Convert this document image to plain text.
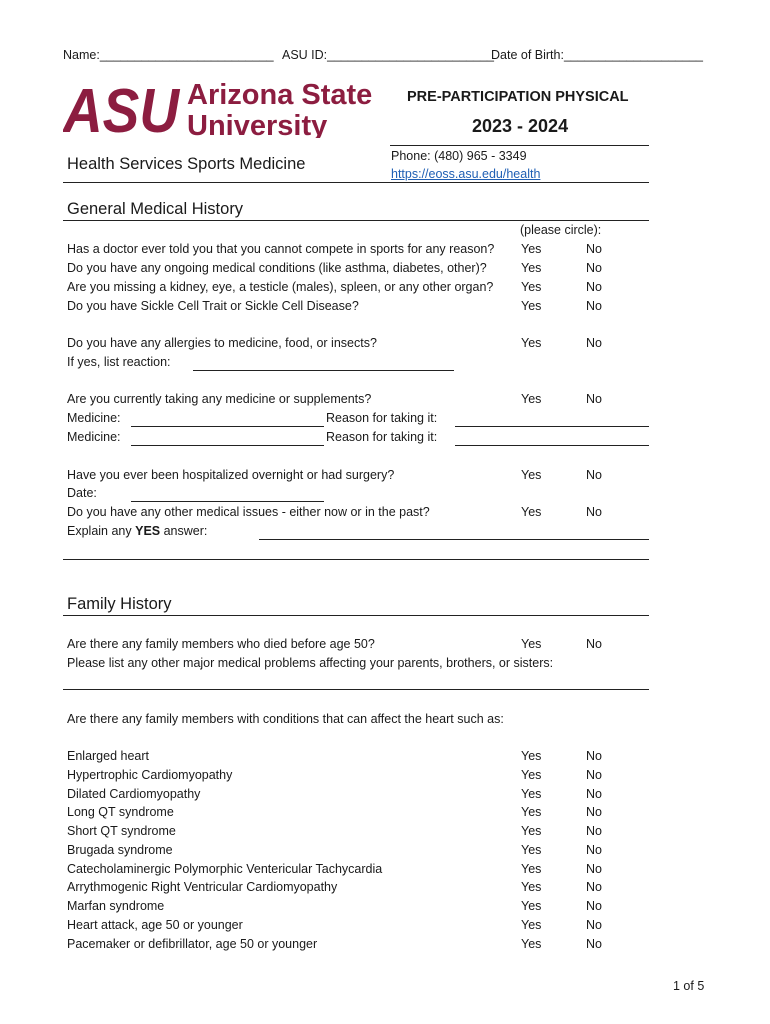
Name:_________________________ ASU ID:________________________
Date of Birth:____________________
ASU Arizona State
University
PRE-PARTICIPATION PHYSICAL
2023 - 2024
Health Services Sports Medicine	Phone: (480) 965 - 3349
https://eoss.asu.edu/health
General Medical History
(please circle):
Has a doctor ever told you that you cannot compete in sports for any reason? Yes	No
Do you have any ongoing medical conditions (like asthma, diabetes, other)?	Yes	No
Are you missing a kidney, eye, a testicle (males), spleen, or any other organ? Yes	No
Do you have Sickle Cell Trait or Sickle Cell Disease?	Yes	No
Do you have any allergies to medicine, food, or insects?	Yes	No
If yes, list reaction:
Are you currently taking any medicine or supplements?	Yes	No
Medicine:	Reason for taking it:
Medicine:	Reason for taking it:
Have you ever been hospitalized overnight or had surgery?	Yes	No
Date:
Do you have any other medical issues - either now or in the past?	Yes	No
Explain any YES answer:
Family History
Are there any family members who died before age 50?	Yes	No
Please list any other major medical problems affecting your parents, brothers, or sisters:
Are there any family members with conditions that can affect the heart such as:
Enlarged heart	Yes	No
Hypertrophic Cardiomyopathy	Yes	No
Dilated Cardiomyopathy	Yes	No
Long QT syndrome	Yes	No
Short QT syndrome	Yes	No
Brugada syndrome	Yes	No
Catecholaminergic Polymorphic Ventericular Tachycardia	Yes	No
Arrythmogenic Right Ventricular Cardiomyopathy	Yes	No
Marfan syndrome	Yes	No
Heart attack, age 50 or younger	Yes	No
Pacemaker or defibrillator, age 50 or younger	Yes	No
1 of 5
